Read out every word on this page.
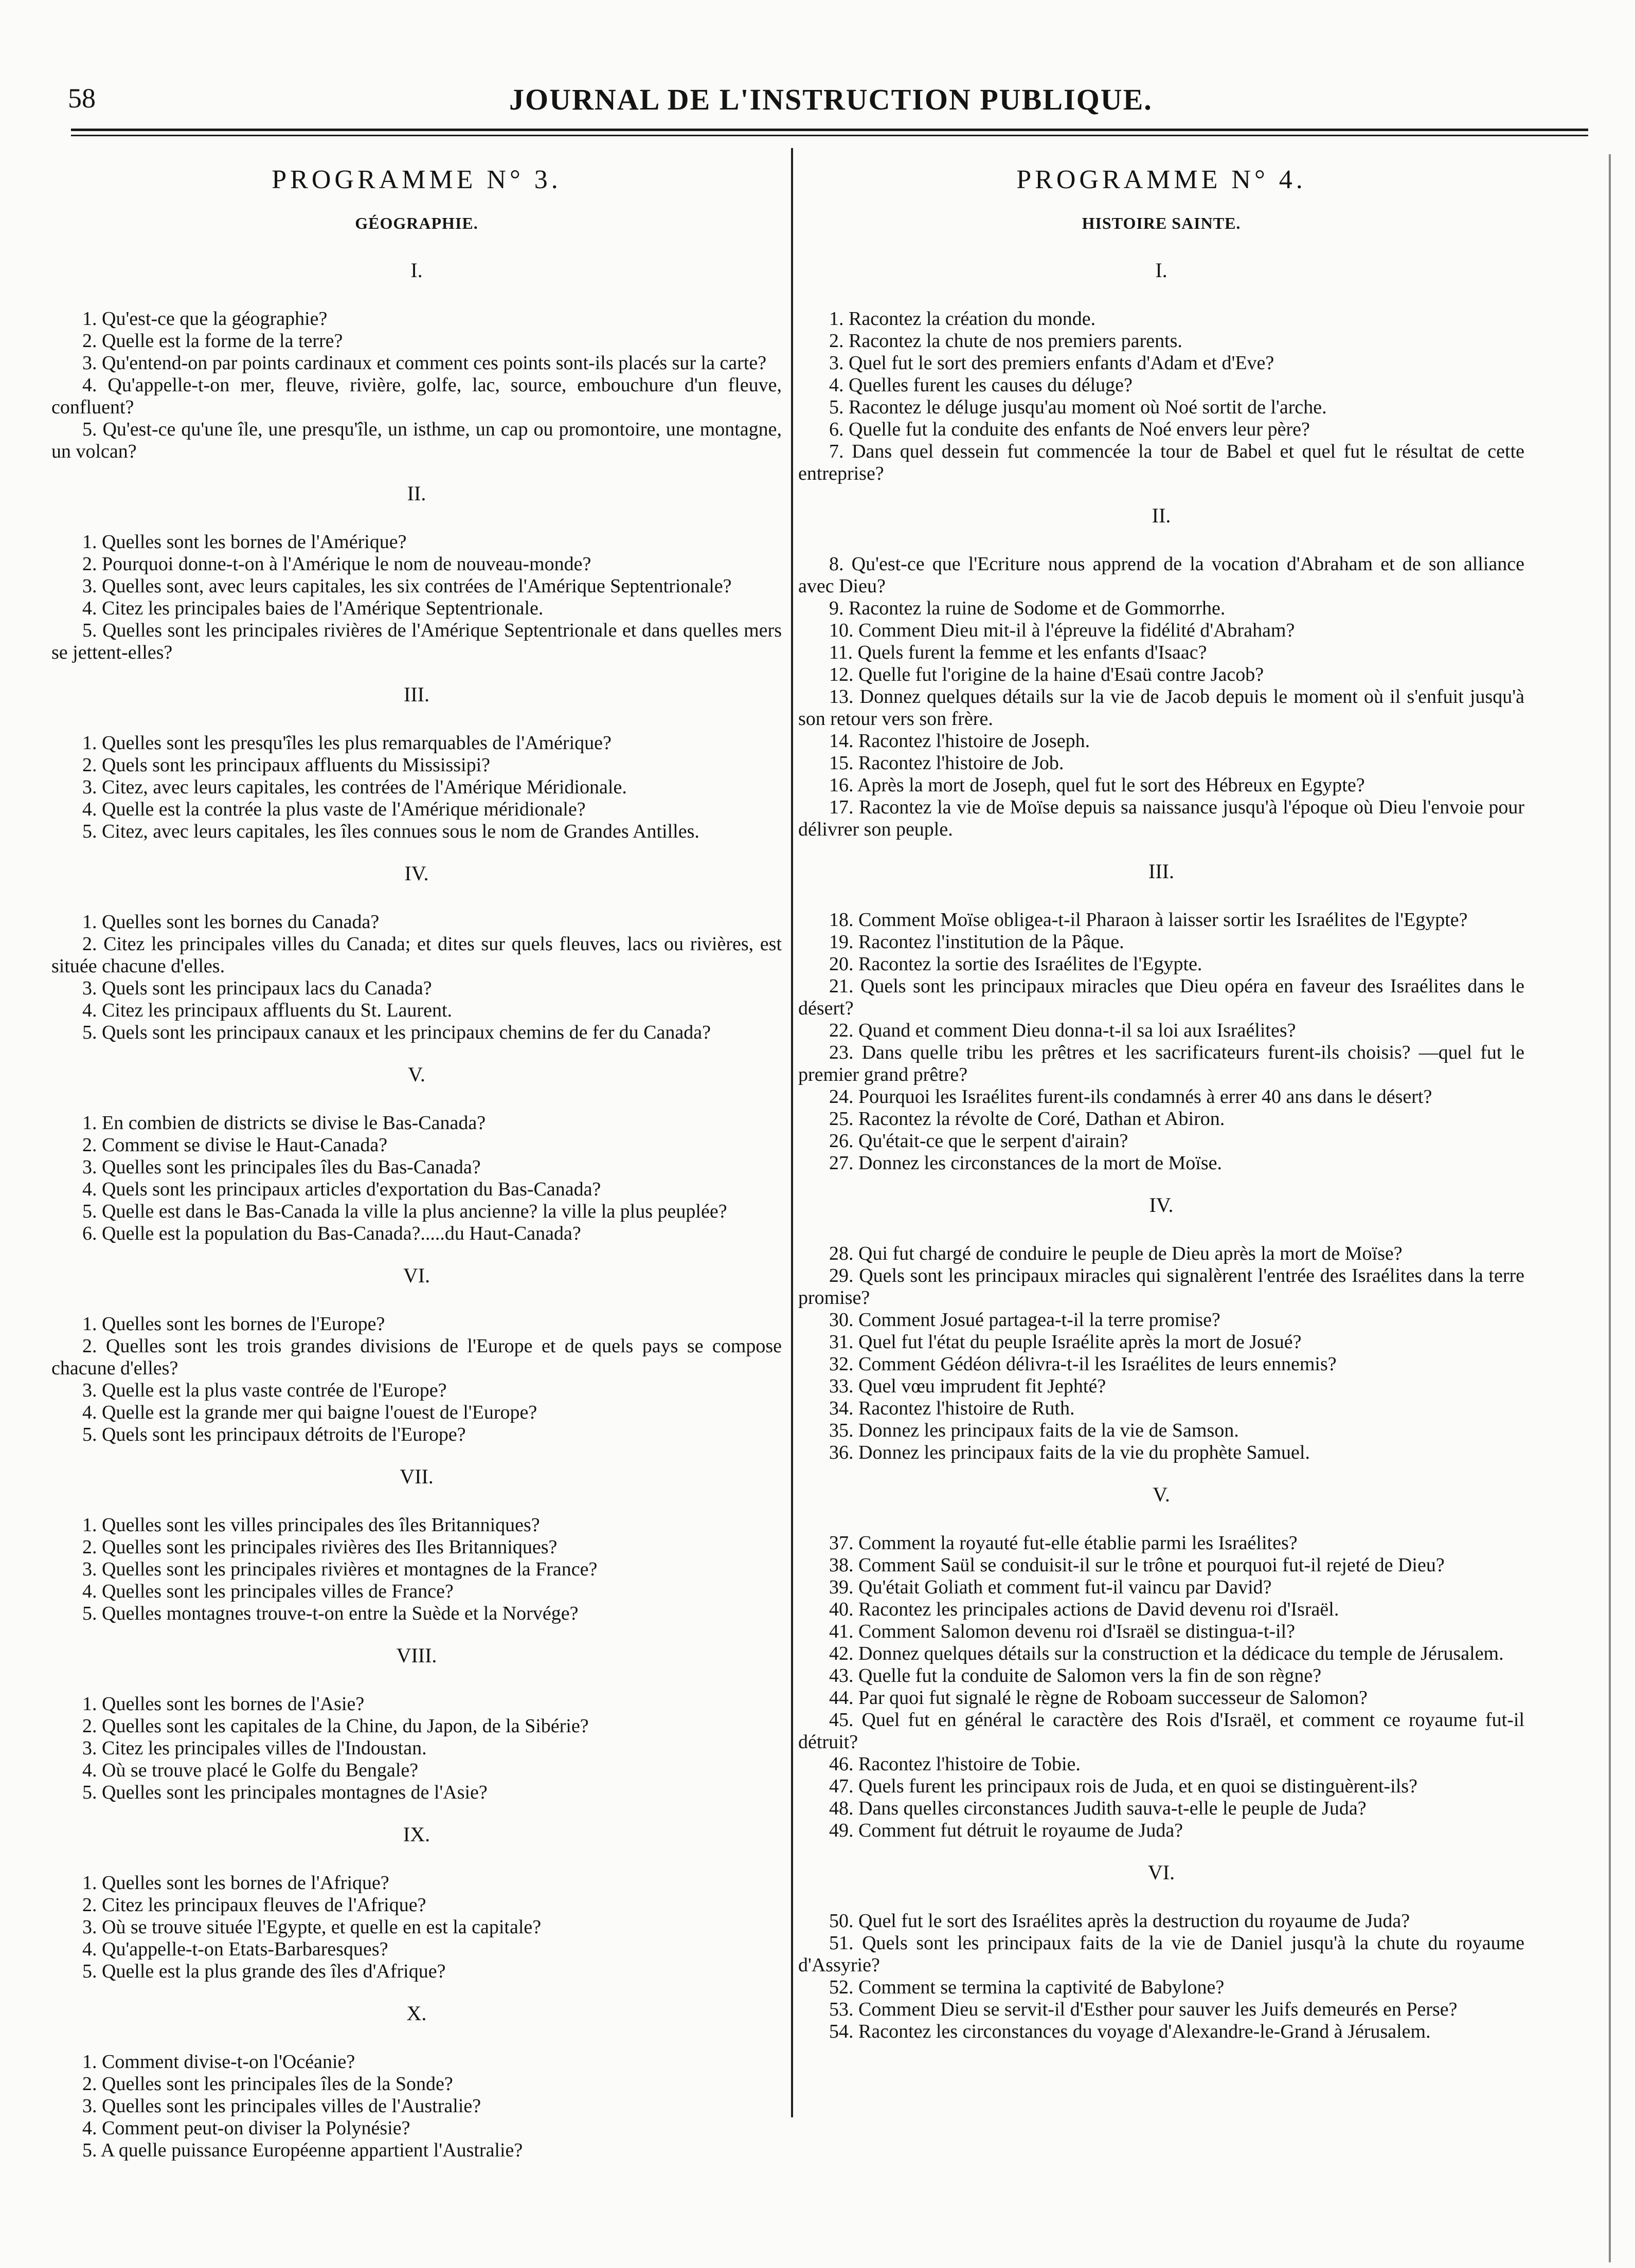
58	JOURNAL DE L'INSTRUCTION PUBLIQUE.
PROGRAMME N° 3.
GÉOGRAPHIE.
I.

1. Qu'est-ce que la géographie?

2. Quelle est la forme de la terre?

3. Qu'entend-on par points cardinaux et comment ces points sont-ils placés sur la carte?

4. Qu'appelle-t-on mer, fleuve, rivière, golfe, lac, source, embouchure d'un fleuve, confluent?

5. Qu'est-ce qu'une île, une presqu'île, un isthme, un cap ou promontoire, une montagne, un volcan?

II.

1. Quelles sont les bornes de l'Amérique?

2. Pourquoi donne-t-on à l'Amérique le nom de nouveau-monde?

3. Quelles sont, avec leurs capitales, les six contrées de l'Amérique Septentrionale?

4. Citez les principales baies de l'Amérique Septentrionale.

5. Quelles sont les principales rivières de l'Amérique Septentrionale et dans quelles mers se jettent-elles?

III.

1. Quelles sont les presqu'îles les plus remarquables de l'Amérique?

2. Quels sont les principaux affluents du Mississipi?

3. Citez, avec leurs capitales, les contrées de l'Amérique Méridionale.

4. Quelle est la contrée la plus vaste de l'Amérique méridionale?

5. Citez, avec leurs capitales, les îles connues sous le nom de Grandes Antilles.

IV.

1. Quelles sont les bornes du Canada?

2. Citez les principales villes du Canada; et dites sur quels fleuves, lacs ou rivières, est située chacune d'elles.

3. Quels sont les principaux lacs du Canada?

4. Citez les principaux affluents du St. Laurent.

5. Quels sont les principaux canaux et les principaux chemins de fer du Canada?

V.

1. En combien de districts se divise le Bas-Canada?

2. Comment se divise le Haut-Canada?

3. Quelles sont les principales îles du Bas-Canada?

4. Quels sont les principaux articles d'exportation du Bas-Canada?

5. Quelle est dans le Bas-Canada la ville la plus ancienne? la ville la plus peuplée?

6. Quelle est la population du Bas-Canada?.....du Haut-Canada?

VI.

1. Quelles sont les bornes de l'Europe?

2. Quelles sont les trois grandes divisions de l'Europe et de quels pays se compose chacune d'elles?

3. Quelle est la plus vaste contrée de l'Europe?

4. Quelle est la grande mer qui baigne l'ouest de l'Europe?

5. Quels sont les principaux détroits de l'Europe?

VII.

1. Quelles sont les villes principales des îles Britanniques?

2. Quelles sont les principales rivières des Iles Britanniques?

3. Quelles sont les principales rivières et montagnes de la France?

4. Quelles sont les principales villes de France?

5. Quelles montagnes trouve-t-on entre la Suède et la Norvége?

VIII.

1. Quelles sont les bornes de l'Asie?

2. Quelles sont les capitales de la Chine, du Japon, de la Sibérie?

3. Citez les principales villes de l'Indoustan.

4. Où se trouve placé le Golfe du Bengale?

5. Quelles sont les principales montagnes de l'Asie?

IX.

1. Quelles sont les bornes de l'Afrique?

2. Citez les principaux fleuves de l'Afrique?

3. Où se trouve située l'Egypte, et quelle en est la capitale?

4. Qu'appelle-t-on Etats-Barbaresques?

5. Quelle est la plus grande des îles d'Afrique?

X.

1. Comment divise-t-on l'Océanie?

2. Quelles sont les principales îles de la Sonde?

3. Quelles sont les principales villes de l'Australie?

4. Comment peut-on diviser la Polynésie?

5. A quelle puissance Européenne appartient l'Australie?

PROGRAMME N° 4.
HISTOIRE SAINTE.
I.

1. Racontez la création du monde.

2. Racontez la chute de nos premiers parents.

3. Quel fut le sort des premiers enfants d'Adam et d'Eve?

4. Quelles furent les causes du déluge?

5. Racontez le déluge jusqu'au moment où Noé sortit de l'arche.

6. Quelle fut la conduite des enfants de Noé envers leur père?

7. Dans quel dessein fut commencée la tour de Babel et quel fut le résultat de cette entreprise?

II.

8. Qu'est-ce que l'Ecriture nous apprend de la vocation d'Abraham et de son alliance avec Dieu?

9. Racontez la ruine de Sodome et de Gommorrhe.

10. Comment Dieu mit-il à l'épreuve la fidélité d'Abraham?

11. Quels furent la femme et les enfants d'Isaac?

12. Quelle fut l'origine de la haine d'Esaü contre Jacob?

13. Donnez quelques détails sur la vie de Jacob depuis le moment où il s'enfuit jusqu'à son retour vers son frère.

14. Racontez l'histoire de Joseph.

15. Racontez l'histoire de Job.

16. Après la mort de Joseph, quel fut le sort des Hébreux en Egypte?

17. Racontez la vie de Moïse depuis sa naissance jusqu'à l'époque où Dieu l'envoie pour délivrer son peuple.

III.

18. Comment Moïse obligea-t-il Pharaon à laisser sortir les Israélites de l'Egypte?

19. Racontez l'institution de la Pâque.

20. Racontez la sortie des Israélites de l'Egypte.

21. Quels sont les principaux miracles que Dieu opéra en faveur des Israélites dans le désert?

22. Quand et comment Dieu donna-t-il sa loi aux Israélites?

23. Dans quelle tribu les prêtres et les sacrificateurs furent-ils choisis? —quel fut le premier grand prêtre?

24. Pourquoi les Israélites furent-ils condamnés à errer 40 ans dans le désert?

25. Racontez la révolte de Coré, Dathan et Abiron.

26. Qu'était-ce que le serpent d'airain?

27. Donnez les circonstances de la mort de Moïse.

IV.

28. Qui fut chargé de conduire le peuple de Dieu après la mort de Moïse?

29. Quels sont les principaux miracles qui signalèrent l'entrée des Israélites dans la terre promise?

30. Comment Josué partagea-t-il la terre promise?

31. Quel fut l'état du peuple Israélite après la mort de Josué?

32. Comment Gédéon délivra-t-il les Israélites de leurs ennemis?

33. Quel vœu imprudent fit Jephté?

34. Racontez l'histoire de Ruth.

35. Donnez les principaux faits de la vie de Samson.

36. Donnez les principaux faits de la vie du prophète Samuel.

V.

37. Comment la royauté fut-elle établie parmi les Israélites?

38. Comment Saül se conduisit-il sur le trône et pourquoi fut-il rejeté de Dieu?

39. Qu'était Goliath et comment fut-il vaincu par David?

40. Racontez les principales actions de David devenu roi d'Israël.

41. Comment Salomon devenu roi d'Israël se distingua-t-il?

42. Donnez quelques détails sur la construction et la dédicace du temple de Jérusalem.

43. Quelle fut la conduite de Salomon vers la fin de son règne?

44. Par quoi fut signalé le règne de Roboam successeur de Salomon?

45. Quel fut en général le caractère des Rois d'Israël, et comment ce royaume fut-il détruit?

46. Racontez l'histoire de Tobie.

47. Quels furent les principaux rois de Juda, et en quoi se distinguèrent-ils?

48. Dans quelles circonstances Judith sauva-t-elle le peuple de Juda?

49. Comment fut détruit le royaume de Juda?

VI.

50. Quel fut le sort des Israélites après la destruction du royaume de Juda?

51. Quels sont les principaux faits de la vie de Daniel jusqu'à la chute du royaume d'Assyrie?

52. Comment se termina la captivité de Babylone?

53. Comment Dieu se servit-il d'Esther pour sauver les Juifs demeurés en Perse?

54. Racontez les circonstances du voyage d'Alexandre-le-Grand à Jérusalem.
